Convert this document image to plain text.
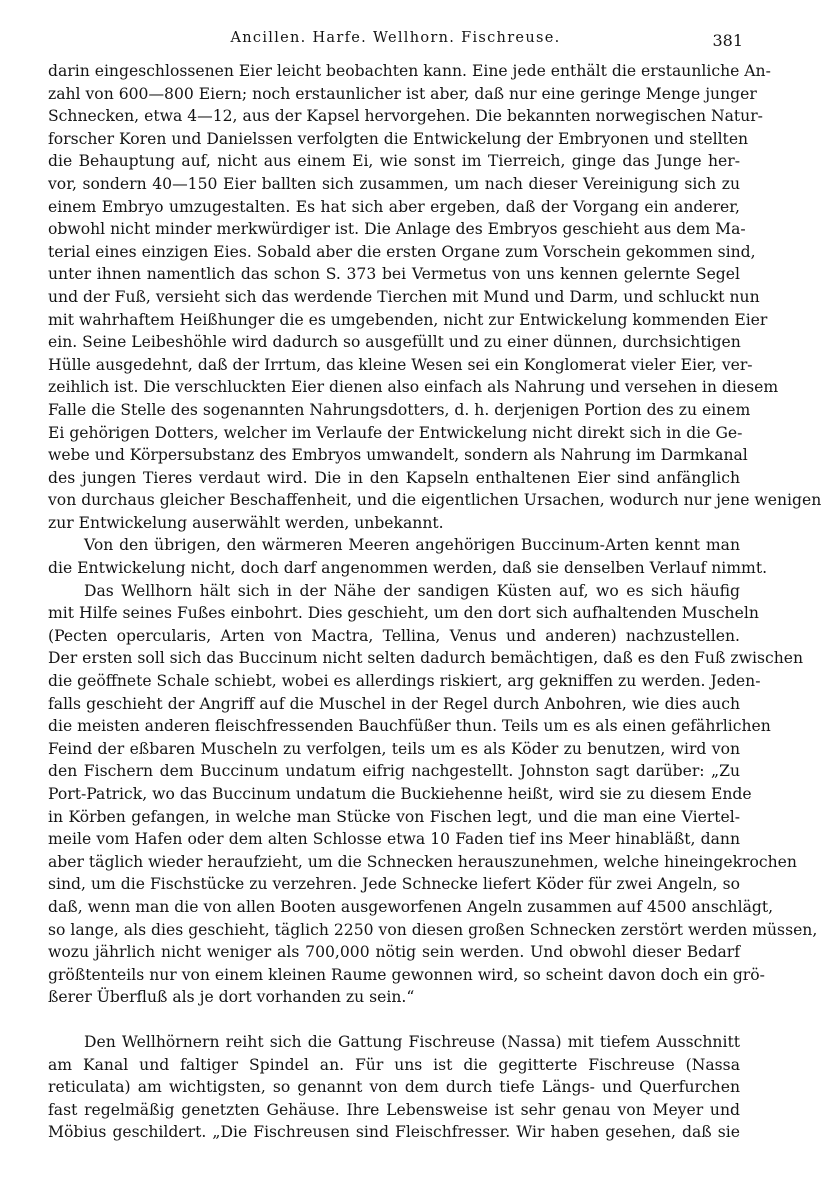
Ancillen. Harfe. Wellhorn. Fischreuse.	381
darin eingeschlossenen Eier leicht beobachten kann. Eine jede enthält die erstaunliche An-
zahl von 600—800 Eiern; noch erstaunlicher ist aber, daß nur eine geringe Menge junger
Schnecken, etwa 4—12, aus der Kapsel hervorgehen. Die bekannten norwegischen Natur-
forscher Koren und Danielssen verfolgten die Entwickelung der Embryonen und stellten
die Behauptung auf, nicht aus einem Ei, wie sonst im Tierreich, ginge das Junge her-
vor, sondern 40—150 Eier ballten sich zusammen, um nach dieser Vereinigung sich zu
einem Embryo umzugestalten. Es hat sich aber ergeben, daß der Vorgang ein anderer,
obwohl nicht minder merkwürdiger ist. Die Anlage des Embryos geschieht aus dem Ma-
terial eines einzigen Eies. Sobald aber die ersten Organe zum Vorschein gekommen sind,
unter ihnen namentlich das schon S. 373 bei Vermetus von uns kennen gelernte Segel
und der Fuß, versieht sich das werdende Tierchen mit Mund und Darm, und schluckt nun
mit wahrhaftem Heißhunger die es umgebenden, nicht zur Entwickelung kommenden Eier
ein. Seine Leibeshöhle wird dadurch so ausgefüllt und zu einer dünnen, durchsichtigen
Hülle ausgedehnt, daß der Irrtum, das kleine Wesen sei ein Konglomerat vieler Eier, ver-
zeihlich ist. Die verschluckten Eier dienen also einfach als Nahrung und versehen in diesem
Falle die Stelle des sogenannten Nahrungsdotters, d. h. derjenigen Portion des zu einem
Ei gehörigen Dotters, welcher im Verlaufe der Entwickelung nicht direkt sich in die Ge-
webe und Körpersubstanz des Embryos umwandelt, sondern als Nahrung im Darmkanal
des jungen Tieres verdaut wird. Die in den Kapseln enthaltenen Eier sind anfänglich
von durchaus gleicher Beschaffenheit, und die eigentlichen Ursachen, wodurch nur jene wenigen
zur Entwickelung auserwählt werden, unbekannt.
Von den übrigen, den wärmeren Meeren angehörigen Buccinum-Arten kennt man
die Entwickelung nicht, doch darf angenommen werden, daß sie denselben Verlauf nimmt.
Das Wellhorn hält sich in der Nähe der sandigen Küsten auf, wo es sich häufig
mit Hilfe seines Fußes einbohrt. Dies geschieht, um den dort sich aufhaltenden Muscheln
(Pecten opercularis, Arten von Mactra, Tellina, Venus und anderen) nachzustellen.
Der ersten soll sich das Buccinum nicht selten dadurch bemächtigen, daß es den Fuß zwischen
die geöffnete Schale schiebt, wobei es allerdings riskiert, arg gekniffen zu werden. Jeden-
falls geschieht der Angriff auf die Muschel in der Regel durch Anbohren, wie dies auch
die meisten anderen fleischfressenden Bauchfüßer thun. Teils um es als einen gefährlichen
Feind der eßbaren Muscheln zu verfolgen, teils um es als Köder zu benutzen, wird von
den Fischern dem Buccinum undatum eifrig nachgestellt. Johnston sagt darüber: „Zu
Port-Patrick, wo das Buccinum undatum die Buckiehenne heißt, wird sie zu diesem Ende
in Körben gefangen, in welche man Stücke von Fischen legt, und die man eine Viertel-
meile vom Hafen oder dem alten Schlosse etwa 10 Faden tief ins Meer hinabläßt, dann
aber täglich wieder heraufzieht, um die Schnecken herauszunehmen, welche hineingekrochen
sind, um die Fischstücke zu verzehren. Jede Schnecke liefert Köder für zwei Angeln, so
daß, wenn man die von allen Booten ausgeworfenen Angeln zusammen auf 4500 anschlägt,
so lange, als dies geschieht, täglich 2250 von diesen großen Schnecken zerstört werden müssen,
wozu jährlich nicht weniger als 700,000 nötig sein werden. Und obwohl dieser Bedarf
größtenteils nur von einem kleinen Raume gewonnen wird, so scheint davon doch ein grö-
ßerer Überfluß als je dort vorhanden zu sein.“
Den Wellhörnern reiht sich die Gattung Fischreuse (Nassa) mit tiefem Ausschnitt
am Kanal und faltiger Spindel an. Für uns ist die gegitterte Fischreuse (Nassa
reticulata) am wichtigsten, so genannt von dem durch tiefe Längs- und Querfurchen
fast regelmäßig genetzten Gehäuse. Ihre Lebensweise ist sehr genau von Meyer und
Möbius geschildert. „Die Fischreusen sind Fleischfresser. Wir haben gesehen, daß sie
